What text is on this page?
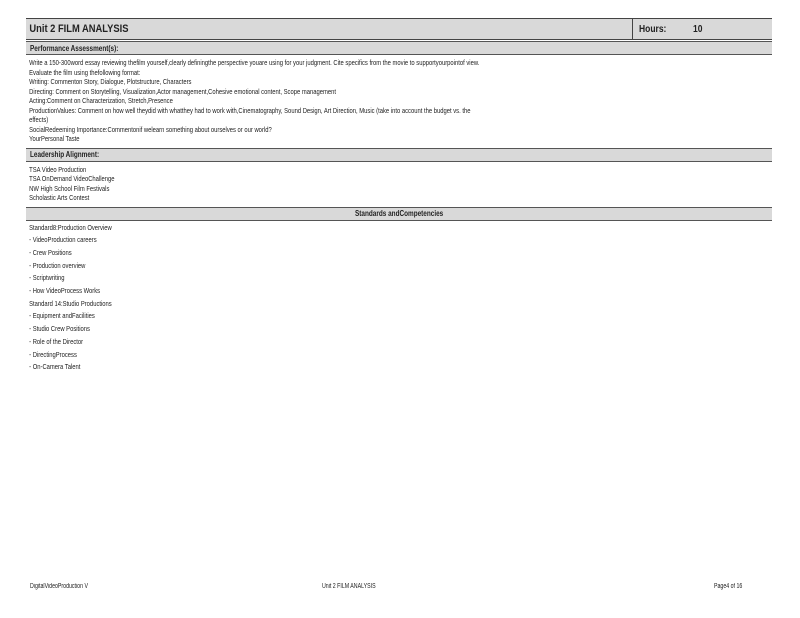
Unit 2 FILM ANALYSIS	Hours:	10
Performance Assessment(s):
Write a 150-300word essay reviewing thefilm yourself,clearly definingthe perspective youare using for your judgment. Cite specifics from the movie to supportyourpointof view.
Evaluate the film using thefollowing format:
Writing: Commenton Story, Dialogue, Plotstructure, Characters
Directing: Comment on Storytelling, Visualization,Actor management,Cohesive emotional content, Scope management
Acting:Comment on Characterization, Stretch,Presence
ProductionValues: Comment on how well theydid with whatthey had to work with,Cinematography, Sound Design, Art Direction, Music (take into account the budget vs. the
effects)
SocialRedeeming Importance:Commentonif welearn something about ourselves or our world?
YourPersonal Taste
Leadership Alignment:
TSA Video Production
TSA OnDemand VideoChallenge
NW High School Film Festivals
Scholastic Arts Contest
Standards andCompetencies
Standard8:Production Overview
- VideoProduction careers
- Crew Positions
- Production overview
- Scriptwriting
- How VideoProcess Works
Standard 14:Studio Productions
- Equipment andFacilities
- Studio Crew Positions
- Role of the Director
- DirectingProcess
- On-Camera Talent
DigitalVideoProduction V	Unit 2 FILM ANALYSIS	Page4 of 16
